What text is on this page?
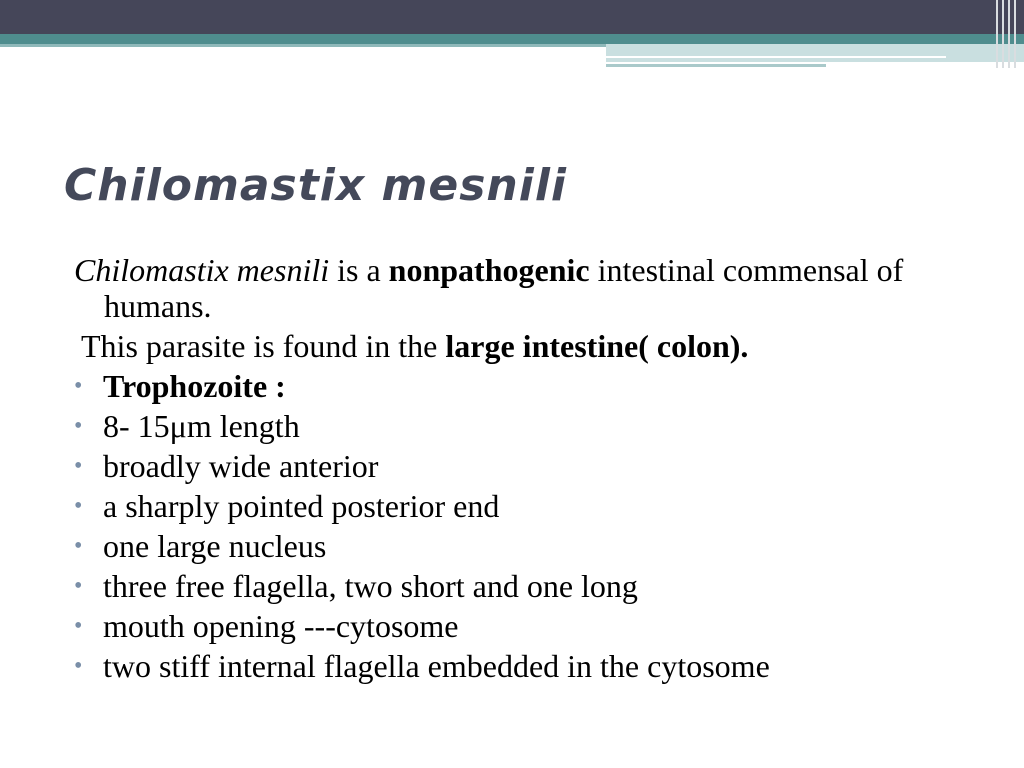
Chilomastix mesnili

Chilomastix mesnili is a nonpathogenic intestinal commensal of humans.

This parasite is found in the large intestine( colon).

• Trophozoite :
• 8- 15μm length
• broadly wide anterior
• a sharply pointed posterior end
• one large nucleus
• three free flagella, two short and one long
• mouth opening ---cytosome
• two stiff internal flagella embedded in the cytosome
